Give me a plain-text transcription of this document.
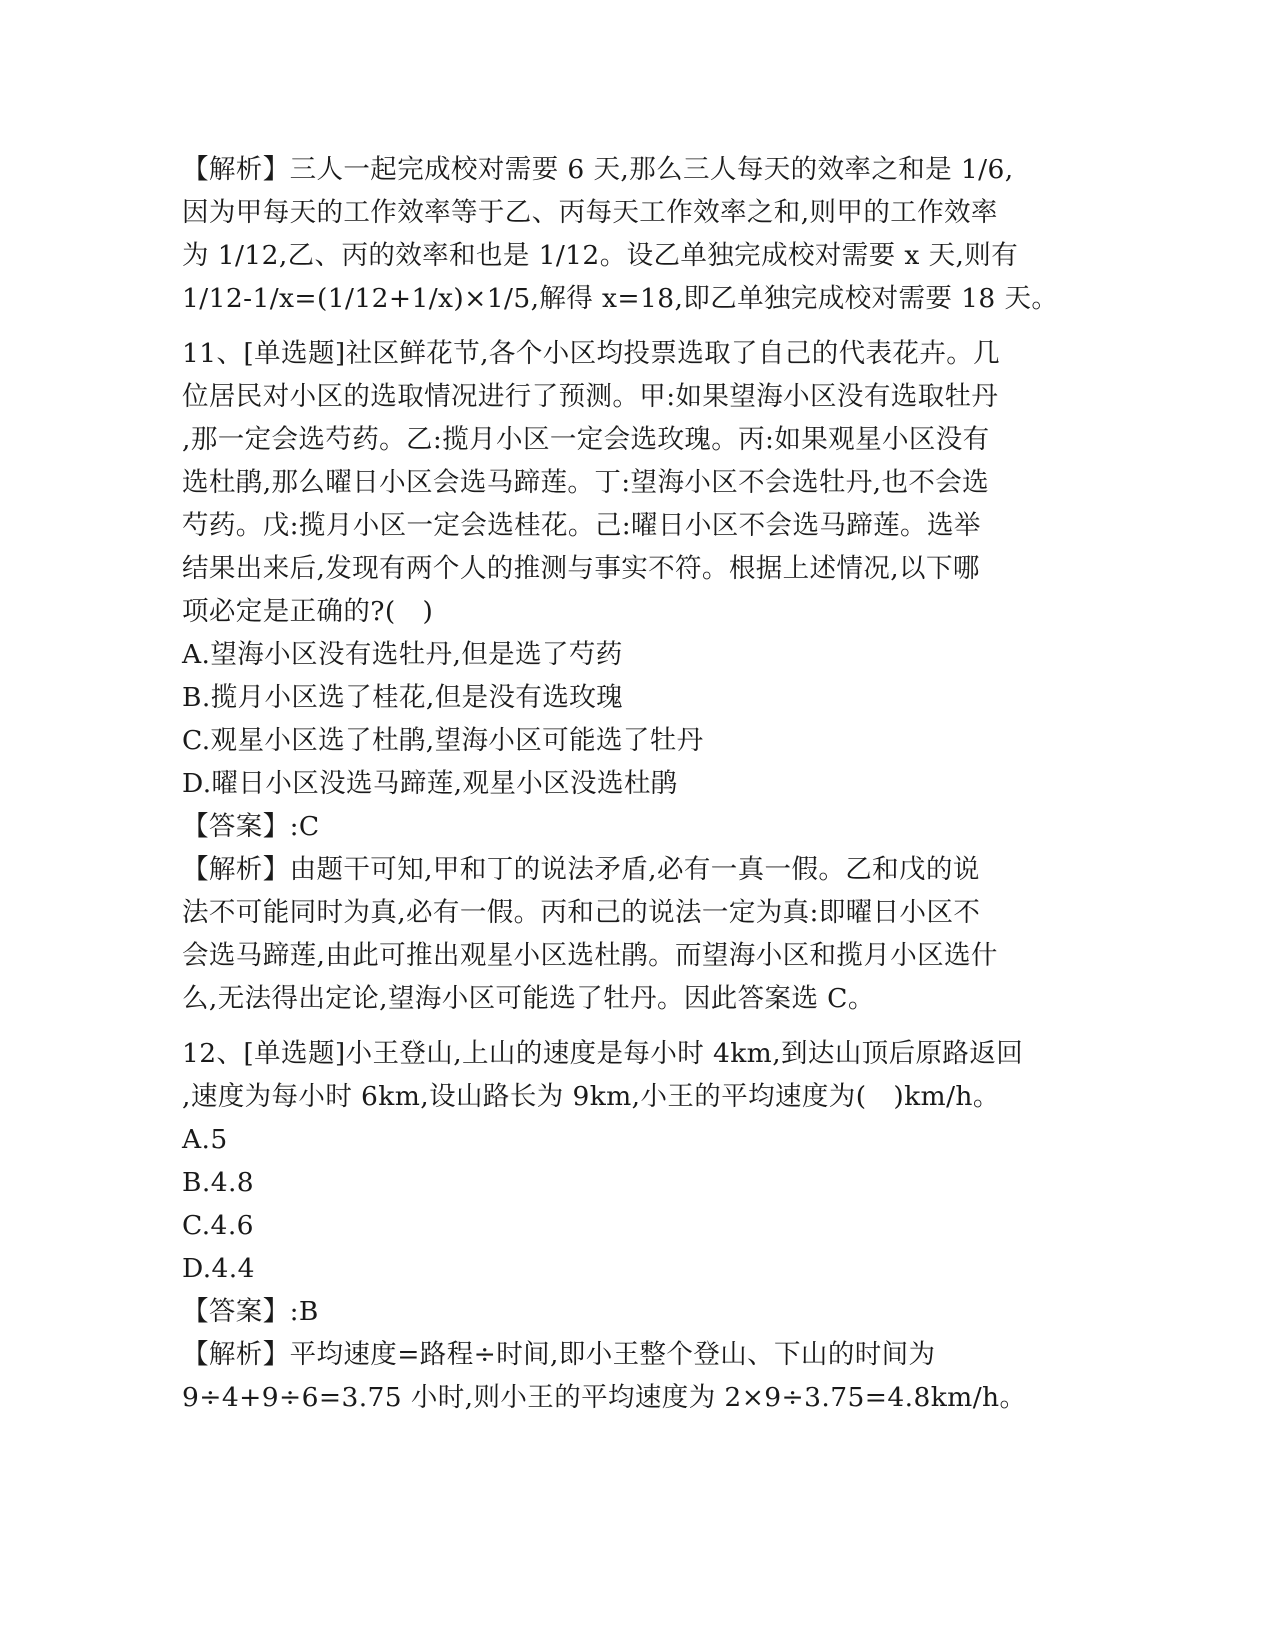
【解析】三人一起完成校对需要 6 天,那么三人每天的效率之和是 1/6,
因为甲每天的工作效率等于乙、丙每天工作效率之和,则甲的工作效率
为 1/12,乙、丙的效率和也是 1/12。设乙单独完成校对需要 x 天,则有
1/12-1/x=(1/12+1/x)×1/5,解得 x=18,即乙单独完成校对需要 18 天。
11、[单选题]社区鲜花节,各个小区均投票选取了自己的代表花卉。几
位居民对小区的选取情况进行了预测。甲:如果望海小区没有选取牡丹
,那一定会选芍药。乙:揽月小区一定会选玫瑰。丙:如果观星小区没有
选杜鹃,那么曜日小区会选马蹄莲。丁:望海小区不会选牡丹,也不会选
芍药。戊:揽月小区一定会选桂花。己:曜日小区不会选马蹄莲。选举
结果出来后,发现有两个人的推测与事实不符。根据上述情况,以下哪
项必定是正确的?(　)
A.望海小区没有选牡丹,但是选了芍药
B.揽月小区选了桂花,但是没有选玫瑰
C.观星小区选了杜鹃,望海小区可能选了牡丹
D.曜日小区没选马蹄莲,观星小区没选杜鹃
【答案】:C
【解析】由题干可知,甲和丁的说法矛盾,必有一真一假。乙和戊的说
法不可能同时为真,必有一假。丙和己的说法一定为真:即曜日小区不
会选马蹄莲,由此可推出观星小区选杜鹃。而望海小区和揽月小区选什
么,无法得出定论,望海小区可能选了牡丹。因此答案选 C。
12、[单选题]小王登山,上山的速度是每小时 4km,到达山顶后原路返回
,速度为每小时 6km,设山路长为 9km,小王的平均速度为(　)km/h。
A.5
B.4.8
C.4.6
D.4.4
【答案】:B
【解析】平均速度=路程÷时间,即小王整个登山、下山的时间为
9÷4+9÷6=3.75 小时,则小王的平均速度为 2×9÷3.75=4.8km/h。
